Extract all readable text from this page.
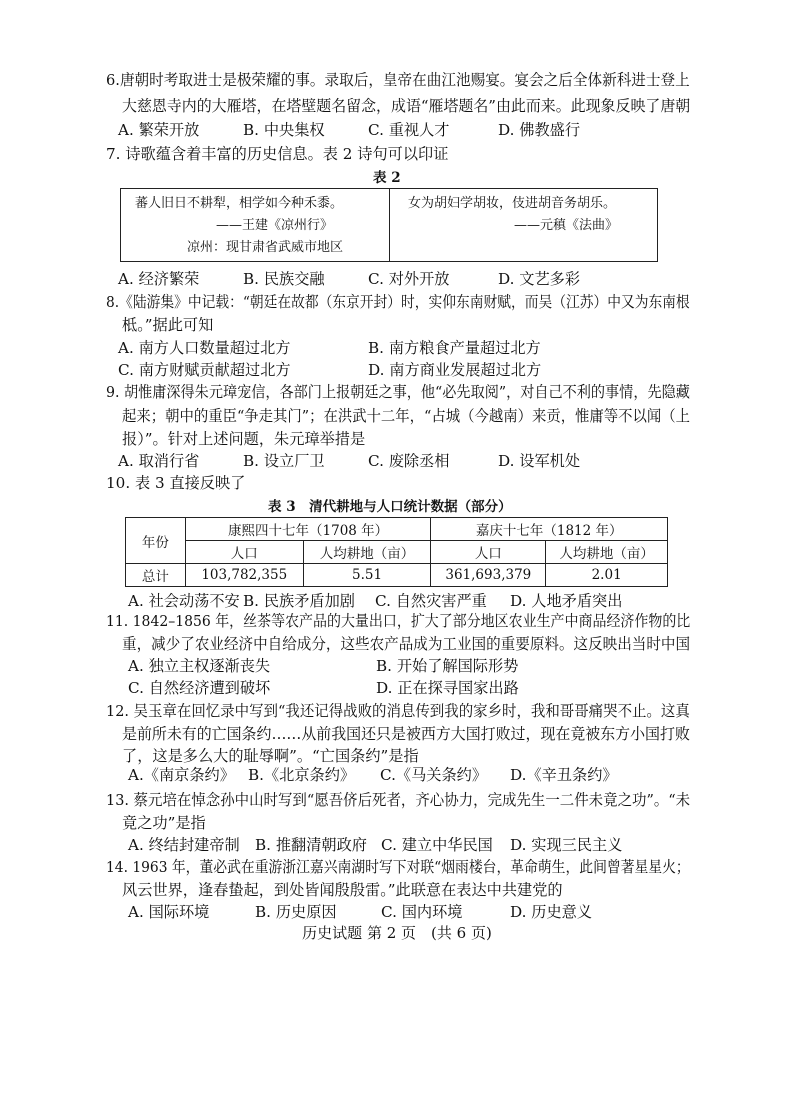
6.唐朝时考取进士是极荣耀的事。录取后，皇帝在曲江池赐宴。宴会之后全体新科进士登上
大慈恩寺内的大雁塔，在塔壁题名留念，成语“雁塔题名”由此而来。此现象反映了唐朝
A. 繁荣开放	B. 中央集权	C. 重视人才	D. 佛教盛行
7. 诗歌蕴含着丰富的历史信息。表 2 诗句可以印证
表 2
蕃人旧日不耕犁，相学如今种禾黍。
——王建《凉州行》
凉州：现甘肃省武威市地区
女为胡妇学胡妆，伎进胡音务胡乐。
——元稹《法曲》
A. 经济繁荣	B. 民族交融	C. 对外开放	D. 文艺多彩
8.《陆游集》中记载：“朝廷在故都（东京开封）时，实仰东南财赋，而吴（江苏）中又为东南根
柢。”据此可知
A. 南方人口数量超过北方	B. 南方粮食产量超过北方
C. 南方财赋贡献超过北方	D. 南方商业发展超过北方
9. 胡惟庸深得朱元璋宠信，各部门上报朝廷之事，他“必先取阅”，对自己不利的事情，先隐藏
起来；朝中的重臣“争走其门”；在洪武十二年，“占城（今越南）来贡，惟庸等不以闻（上
报）”。针对上述问题，朱元璋举措是
A. 取消行省	B. 设立厂卫	C. 废除丞相	D. 设军机处
10. 表 3 直接反映了
表 3　清代耕地与人口统计数据（部分）
年份	康熙四十七年（1708 年）		嘉庆十七年（1812 年）	
	人口	人均耕地（亩）	人口	人均耕地（亩）
总计	103,782,355	5.51	361,693,379	2.01
A. 社会动荡不安 B. 民族矛盾加剧 C. 自然灾害严重 D. 人地矛盾突出
11. 1842–1856 年，丝茶等农产品的大量出口，扩大了部分地区农业生产中商品经济作物的比
重，减少了农业经济中自给成分，这些农产品成为工业国的重要原料。这反映出当时中国
A. 独立主权逐渐丧失	B. 开始了解国际形势
C. 自然经济遭到破坏	D. 正在探寻国家出路
12. 吴玉章在回忆录中写到“我还记得战败的消息传到我的家乡时，我和哥哥痛哭不止。这真
是前所未有的亡国条约……从前我国还只是被西方大国打败过，现在竟被东方小国打败
了，这是多么大的耻辱啊”。“亡国条约”是指
A.《南京条约》 B.《北京条约》 C.《马关条约》 D.《辛丑条约》
13. 蔡元培在悼念孙中山时写到“愿吾侪后死者，齐心协力，完成先生一二件未竟之功”。“未
竟之功”是指
A. 终结封建帝制 B. 推翻清朝政府 C. 建立中华民国 D. 实现三民主义
14. 1963 年，董必武在重游浙江嘉兴南湖时写下对联“烟雨楼台，革命萌生，此间曾著星星火；
风云世界，逢春蛰起，到处皆闻殷殷雷。”此联意在表达中共建党的
A. 国际环境	B. 历史原因	C. 国内环境	D. 历史意义
历史试题 第 2 页　(共 6 页)
